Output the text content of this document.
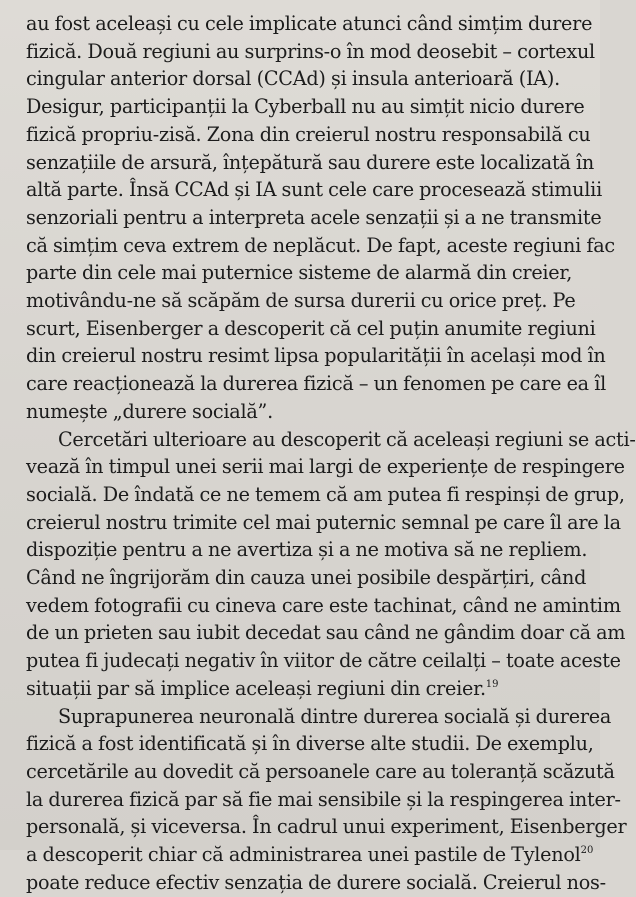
au fost aceleași cu cele implicate atunci când simțim durere
fizică. Două regiuni au surprins-o în mod deosebit – cortexul
cingular anterior dorsal (CCAd) și insula anterioară (IA).
Desigur, participanții la Cyberball nu au simțit nicio durere
fizică propriu-zisă. Zona din creierul nostru responsabilă cu
senzațiile de arsură, înțepătură sau durere este localizată în
altă parte. Însă CCAd și IA sunt cele care procesează stimulii
senzoriali pentru a interpreta acele senzații și a ne transmite
că simțim ceva extrem de neplăcut. De fapt, aceste regiuni fac
parte din cele mai puternice sisteme de alarmă din creier,
motivându-ne să scăpăm de sursa durerii cu orice preț. Pe
scurt, Eisenberger a descoperit că cel puțin anumite regiuni
din creierul nostru resimt lipsa popularității în același mod în
care reacționează la durerea fizică – un fenomen pe care ea îl
numește „durere socială”.

Cercetări ulterioare au descoperit că aceleași regiuni se acti-
vează în timpul unei serii mai largi de experiențe de respingere
socială. De îndată ce ne temem că am putea fi respinși de grup,
creierul nostru trimite cel mai puternic semnal pe care îl are la
dispoziție pentru a ne avertiza și a ne motiva să ne repliem.
Când ne îngrijorăm din cauza unei posibile despărțiri, când
vedem fotografii cu cineva care este tachinat, când ne amintim
de un prieten sau iubit decedat sau când ne gândim doar că am
putea fi judecați negativ în viitor de către ceilalți – toate aceste
situații par să implice aceleași regiuni din creier.$^{19}$

Suprapunerea neuronală dintre durerea socială și durerea
fizică a fost identificată și în diverse alte studii. De exemplu,
cercetările au dovedit că persoanele care au toleranță scăzută
la durerea fizică par să fie mai sensibile și la respingerea inter-
personală, și viceversa. În cadrul unui experiment, Eisenberger
a descoperit chiar că administrarea unei pastile de Tylenol$^{20}$
poate reduce efectiv senzația de durere socială. Creierul nos-
